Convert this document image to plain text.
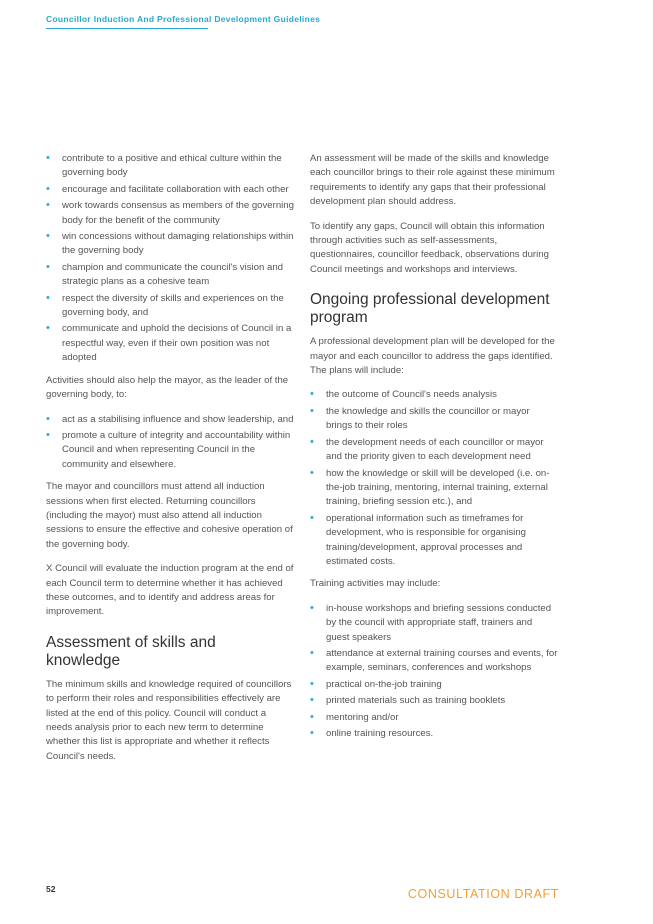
Councillor Induction And Professional Development Guidelines
• contribute to a positive and ethical culture within the governing body
• encourage and facilitate collaboration with each other
• work towards consensus as members of the governing body for the benefit of the community
• win concessions without damaging relationships within the governing body
• champion and communicate the council's vision and strategic plans as a cohesive team
• respect the diversity of skills and experiences on the governing body, and
• communicate and uphold the decisions of Council in a respectful way, even if their own position was not adopted

Activities should also help the mayor, as the leader of the governing body, to:

• act as a stabilising influence and show leadership, and
• promote a culture of integrity and accountability within Council and when representing Council in the community and elsewhere.

The mayor and councillors must attend all induction sessions when first elected. Returning councillors (including the mayor) must also attend all induction sessions to ensure the effective and cohesive operation of the governing body.

X Council will evaluate the induction program at the end of each Council term to determine whether it has achieved these outcomes, and to identify and address areas for improvement.

Assessment of skills and knowledge

The minimum skills and knowledge required of councillors to perform their roles and responsibilities effectively are listed at the end of this policy. Council will conduct a needs analysis prior to each new term to determine whether this list is appropriate and whether it reflects Council's needs.

An assessment will be made of the skills and knowledge each councillor brings to their role against these minimum requirements to identify any gaps that their professional development plan should address.

To identify any gaps, Council will obtain this information through activities such as self-assessments, questionnaires, councillor feedback, observations during Council meetings and workshops and interviews.

Ongoing professional development program

A professional development plan will be developed for the mayor and each councillor to address the gaps identified. The plans will include:

• the outcome of Council's needs analysis
• the knowledge and skills the councillor or mayor brings to their roles
• the development needs of each councillor or mayor and the priority given to each development need
• how the knowledge or skill will be developed (i.e. on-the-job training, mentoring, internal training, external training, briefing session etc.), and
• operational information such as timeframes for development, who is responsible for organising training/development, approval processes and estimated costs.

Training activities may include:

• in-house workshops and briefing sessions conducted by the council with appropriate staff, trainers and guest speakers
• attendance at external training courses and events, for example, seminars, conferences and workshops
• practical on-the-job training
• printed materials such as training booklets
• mentoring and/or
• online training resources.
52	CONSULTATION DRAFT
